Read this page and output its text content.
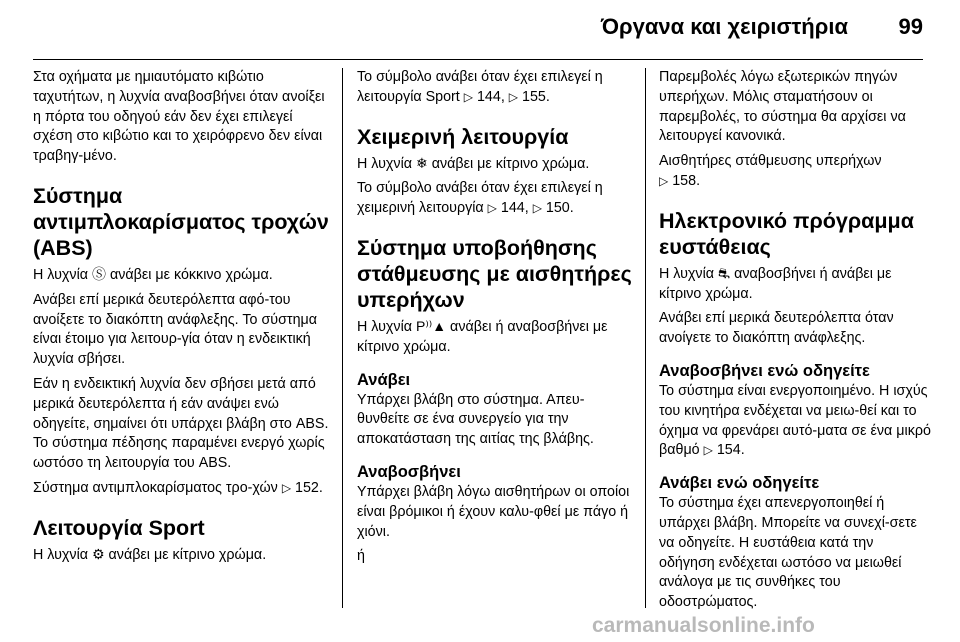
Όργανα και χειριστήρια 99

Στα οχήματα με ημιαυτόματο κιβώτιο ταχυτήτων, η λυχνία αναβοσβήνει όταν ανοίξει η πόρτα του οδηγού εάν δεν έχει επιλεγεί σχέση στο κιβώτιο και το χειρόφρενο δεν είναι τραβηγ‐μένο.

Σύστημα αντιμπλοκαρίσματος τροχών (ABS)

Η λυχνία Ⓢ ανάβει με κόκκινο χρώμα.

Ανάβει επί μερικά δευτερόλεπτα αφό‐του ανοίξετε το διακόπτη ανάφλεξης. Το σύστημα είναι έτοιμο για λειτουρ‐γία όταν η ενδεικτική λυχνία σβήσει.

Εάν η ενδεικτική λυχνία δεν σβήσει μετά από μερικά δευτερόλεπτα ή εάν ανάψει ενώ οδηγείτε, σημαίνει ότι υπάρχει βλάβη στο ABS. Το σύστημα πέδησης παραμένει ενεργό χωρίς ωστόσο τη λειτουργία του ABS.

Σύστημα αντιμπλοκαρίσματος τρο‐χών ▷ 152.

Λειτουργία Sport

Η λυχνία ⚙ ανάβει με κίτρινο χρώμα.

Το σύμβολο ανάβει όταν έχει επιλεγεί η λειτουργία Sport ▷ 144, ▷ 155.

Χειμερινή λειτουργία

Η λυχνία ❄ ανάβει με κίτρινο χρώμα.

Το σύμβολο ανάβει όταν έχει επιλεγεί η χειμερινή λειτουργία ▷ 144, ▷ 150.

Σύστημα υποβοήθησης στάθμευσης με αισθητήρες υπερήχων

Η λυχνία P⁾⁾▲ ανάβει ή αναβοσβήνει με κίτρινο χρώμα.

Ανάβει

Υπάρχει βλάβη στο σύστημα. Απευ‐θυνθείτε σε ένα συνεργείο για την αποκατάσταση της αιτίας της βλάβης.

Αναβοσβήνει

Υπάρχει βλάβη λόγω αισθητήρων οι οποίοι είναι βρόμικοι ή έχουν καλυ‐φθεί με πάγο ή χιόνι.

ή

Παρεμβολές λόγω εξωτερικών πηγών υπερήχων. Μόλις σταματήσουν οι παρεμβολές, το σύστημα θα αρχίσει να λειτουργεί κανονικά.

Αισθητήρες στάθμευσης υπερήχων
▷ 158.

Ηλεκτρονικό πρόγραμμα ευστάθειας

Η λυχνία ⛐ αναβοσβήνει ή ανάβει με κίτρινο χρώμα.

Ανάβει επί μερικά δευτερόλεπτα όταν ανοίγετε το διακόπτη ανάφλεξης.

Αναβοσβήνει ενώ οδηγείτε

Το σύστημα είναι ενεργοποιημένο. Η ισχύς του κινητήρα ενδέχεται να μειω‐θεί και το όχημα να φρενάρει αυτό‐ματα σε ένα μικρό βαθμό ▷ 154.

Ανάβει ενώ οδηγείτε

Το σύστημα έχει απενεργοποιηθεί ή υπάρχει βλάβη. Μπορείτε να συνεχί‐σετε να οδηγείτε. Η ευστάθεια κατά την οδήγηση ενδέχεται ωστόσο να μειωθεί ανάλογα με τις συνθήκες του οδοστρώματος.

carmanualsonline.info
